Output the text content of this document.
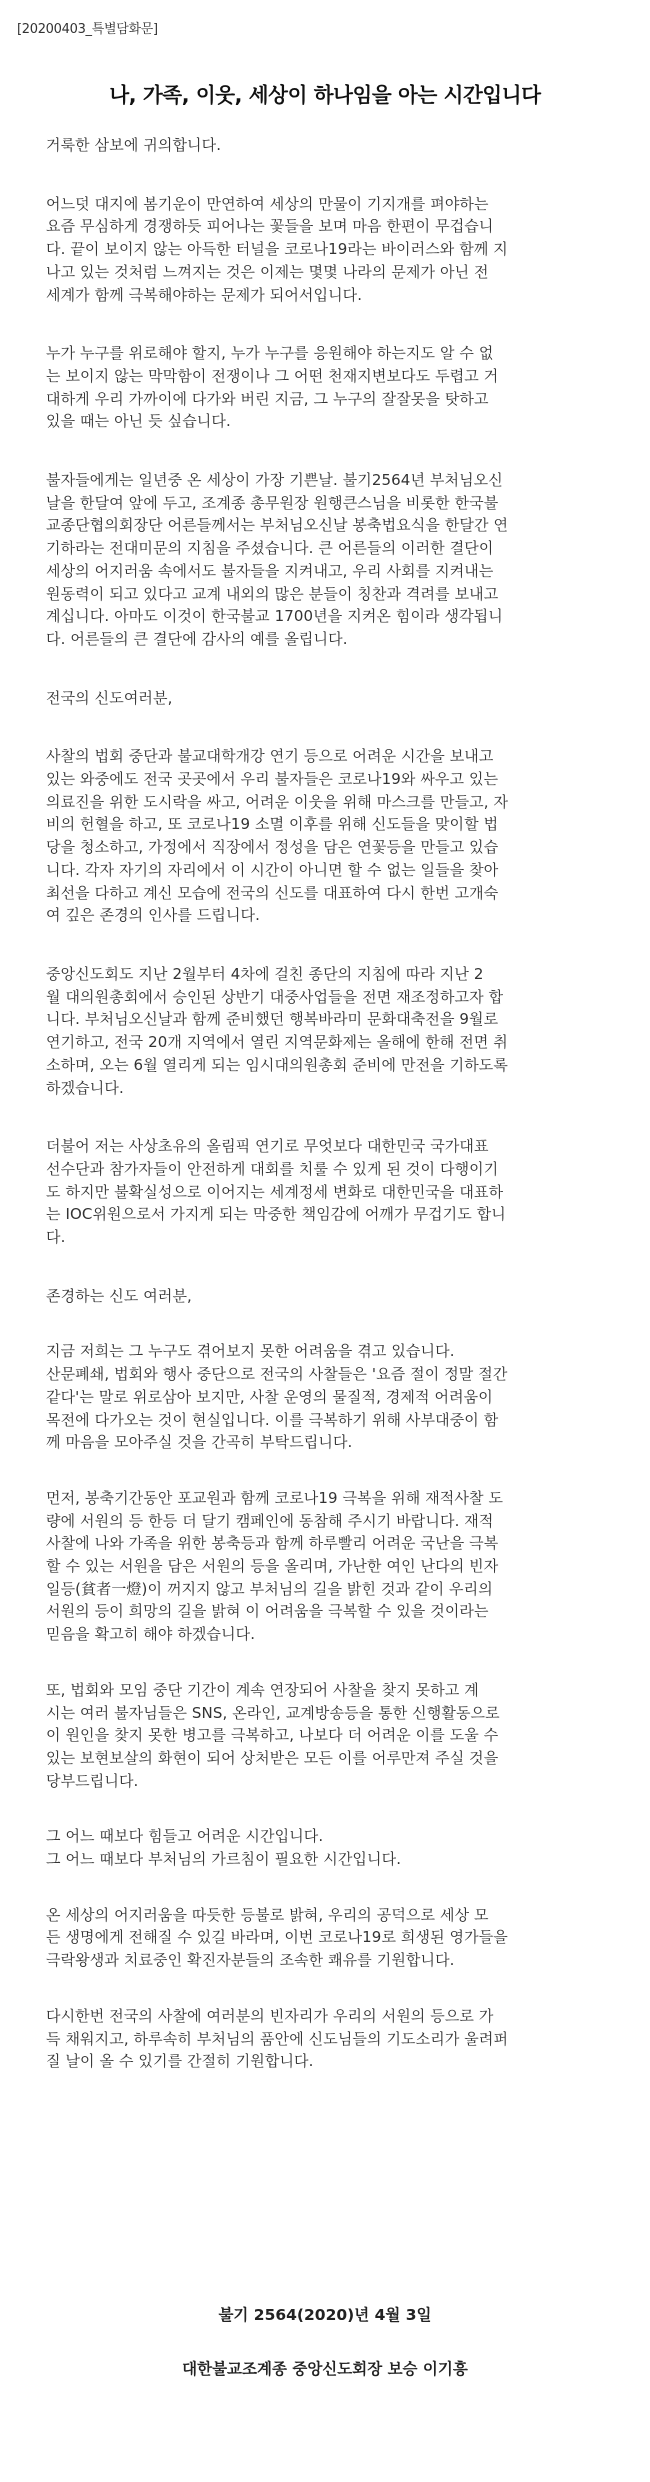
[20200403_특별담화문]
나, 가족, 이웃, 세상이 하나임을 아는 시간입니다
거룩한 삼보에 귀의합니다.
어느덧 대지에 봄기운이 만연하여 세상의 만물이 기지개를 펴야하는
요즘 무심하게 경쟁하듯 피어나는 꽃들을 보며 마음 한편이 무겁습니
다. 끝이 보이지 않는 아득한 터널을 코로나19라는 바이러스와 함께 지
나고 있는 것처럼 느껴지는 것은 이제는 몇몇 나라의 문제가 아닌 전
세계가 함께 극복해야하는 문제가 되어서입니다.
누가 누구를 위로해야 할지, 누가 누구를 응원해야 하는지도 알 수 없
는 보이지 않는 막막함이 전쟁이나 그 어떤 천재지변보다도 두렵고 거
대하게 우리 가까이에 다가와 버린 지금, 그 누구의 잘잘못을 탓하고
있을 때는 아닌 듯 싶습니다.
불자들에게는 일년중 온 세상이 가장 기쁜날. 불기2564년 부처님오신
날을 한달여 앞에 두고, 조계종 총무원장 원행큰스님을 비롯한 한국불
교종단협의회장단 어른들께서는 부처님오신날 봉축법요식을 한달간 연
기하라는 전대미문의 지침을 주셨습니다. 큰 어른들의 이러한 결단이
세상의 어지러움 속에서도 불자들을 지켜내고, 우리 사회를 지켜내는
원동력이 되고 있다고 교계 내외의 많은 분들이 칭찬과 격려를 보내고
계십니다. 아마도 이것이 한국불교 1700년을 지켜온 힘이라 생각됩니
다. 어른들의 큰 결단에 감사의 예를 올립니다.
전국의 신도여러분,
사찰의 법회 중단과 불교대학개강 연기 등으로 어려운 시간을 보내고
있는 와중에도 전국 곳곳에서 우리 불자들은 코로나19와 싸우고 있는
의료진을 위한 도시락을 싸고, 어려운 이웃을 위해 마스크를 만들고, 자
비의 헌혈을 하고, 또 코로나19 소멸 이후를 위해 신도들을 맞이할 법
당을 청소하고, 가정에서 직장에서 정성을 담은 연꽃등을 만들고 있습
니다. 각자 자기의 자리에서 이 시간이 아니면 할 수 없는 일들을 찾아
최선을 다하고 계신 모습에 전국의 신도를 대표하여 다시 한번 고개숙
여 깊은 존경의 인사를 드립니다.
중앙신도회도 지난 2월부터 4차에 걸친 종단의 지침에 따라 지난 2
월 대의원총회에서 승인된 상반기 대중사업들을 전면 재조정하고자 합
니다. 부처님오신날과 함께 준비했던 행복바라미 문화대축전을 9월로
연기하고, 전국 20개 지역에서 열린 지역문화제는 올해에 한해 전면 취
소하며, 오는 6월 열리게 되는 임시대의원총회 준비에 만전을 기하도록
하겠습니다.
더불어 저는 사상초유의 올림픽 연기로 무엇보다 대한민국 국가대표
선수단과 참가자들이 안전하게 대회를 치룰 수 있게 된 것이 다행이기
도 하지만 불확실성으로 이어지는 세계정세 변화로 대한민국을 대표하
는 IOC위원으로서 가지게 되는 막중한 책임감에 어깨가 무겁기도 합니
다.
존경하는 신도 여러분,
지금 저희는 그 누구도 겪어보지 못한 어려움을 겪고 있습니다.
산문폐쇄, 법회와 행사 중단으로 전국의 사찰들은 '요즘 절이 정말 절간
같다'는 말로 위로삼아 보지만, 사찰 운영의 물질적, 경제적 어려움이
목전에 다가오는 것이 현실입니다. 이를 극복하기 위해 사부대중이 함
께 마음을 모아주실 것을 간곡히 부탁드립니다.
먼저, 봉축기간동안 포교원과 함께 코로나19 극복을 위해 재적사찰 도
량에 서원의 등 한등 더 달기 캠페인에 동참해 주시기 바랍니다. 재적
사찰에 나와 가족을 위한 봉축등과 함께 하루빨리 어려운 국난을 극복
할 수 있는 서원을 담은 서원의 등을 올리며, 가난한 여인 난다의 빈자
일등(貧者一燈)이 꺼지지 않고 부처님의 길을 밝힌 것과 같이 우리의
서원의 등이 희망의 길을 밝혀 이 어려움을 극복할 수 있을 것이라는
믿음을 확고히 해야 하겠습니다.
또, 법회와 모임 중단 기간이 계속 연장되어 사찰을 찾지 못하고 계
시는 여러 불자님들은 SNS, 온라인, 교계방송등을 통한 신행활동으로
이 원인을 찾지 못한 병고를 극복하고, 나보다 더 어려운 이를 도울 수
있는 보현보살의 화현이 되어 상처받은 모든 이를 어루만져 주실 것을
당부드립니다.
그 어느 때보다 힘들고 어려운 시간입니다.
그 어느 때보다 부처님의 가르침이 필요한 시간입니다.
온 세상의 어지러움을 따듯한 등불로 밝혀, 우리의 공덕으로 세상 모
든 생명에게 전해질 수 있길 바라며, 이번 코로나19로 희생된 영가들을
극락왕생과 치료중인 확진자분들의 조속한 쾌유를 기원합니다.
다시한번 전국의 사찰에 여러분의 빈자리가 우리의 서원의 등으로 가
득 채워지고, 하루속히 부처님의 품안에 신도님들의 기도소리가 울려퍼
질 날이 올 수 있기를 간절히 기원합니다.
불기 2564(2020)년 4월 3일
대한불교조계종 중앙신도회장 보승 이기흥
